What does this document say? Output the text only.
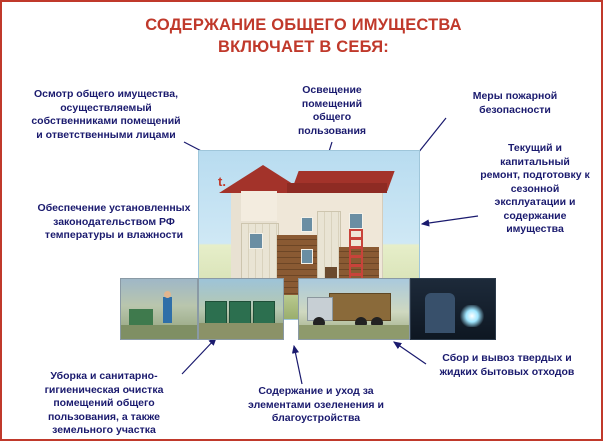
СОДЕРЖАНИЕ ОБЩЕГО ИМУЩЕСТВА
ВКЛЮЧАЕТ В СЕБЯ:
t.
Осмотр общего имущества, осуществляемый собственниками помещений и ответственными лицами
Обеспечение установленных законодательством РФ температуры и влажности
Освещение помещений общего пользования
Меры пожарной безопасности
Текущий и капитальный ремонт, подготовку к сезонной эксплуатации и содержание имущества
Уборка и санитарно-гигиеническая очистка помещений общего пользования, а также земельного участка
Содержание и уход за элементами озеленения и благоустройства
Сбор и вывоз твердых и жидких бытовых отходов
